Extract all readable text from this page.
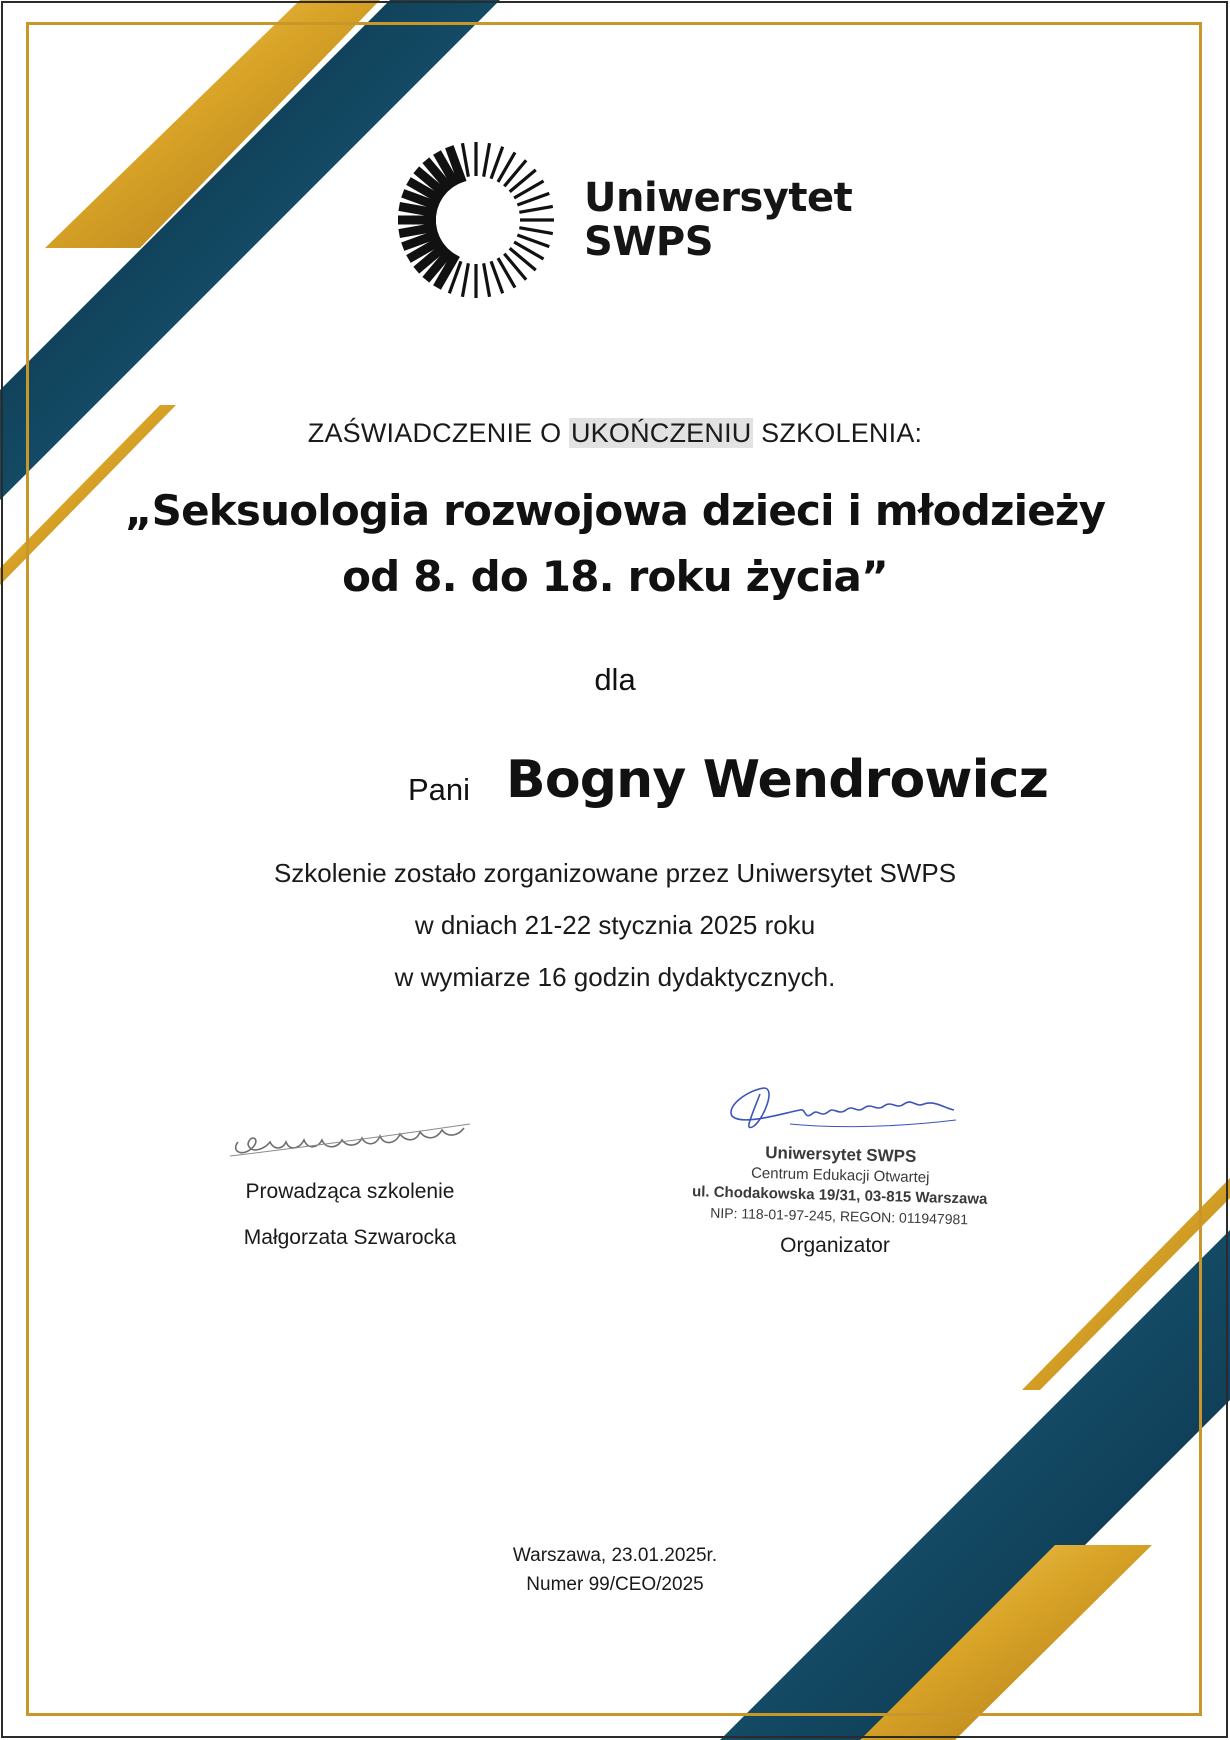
Uniwersytet
SWPS
ZAŚWIADCZENIE O UKOŃCZENIU SZKOLENIA:
„Seksuologia rozwojowa dzieci i młodzieży
od 8. do 18. roku życia”
dla
Pani Bogny Wendrowicz
Szkolenie zostało zorganizowane przez Uniwersytet SWPS
w dniach 21-22 stycznia 2025 roku
w wymiarze 16 godzin dydaktycznych.
Prowadząca szkolenie
Małgorzata Szwarocka
Uniwersytet SWPS
Centrum Edukacji Otwartej
ul. Chodakowska 19/31, 03-815 Warszawa
NIP: 118-01-97-245, REGON: 011947981
Organizator
Warszawa, 23.01.2025r.
Numer 99/CEO/2025
